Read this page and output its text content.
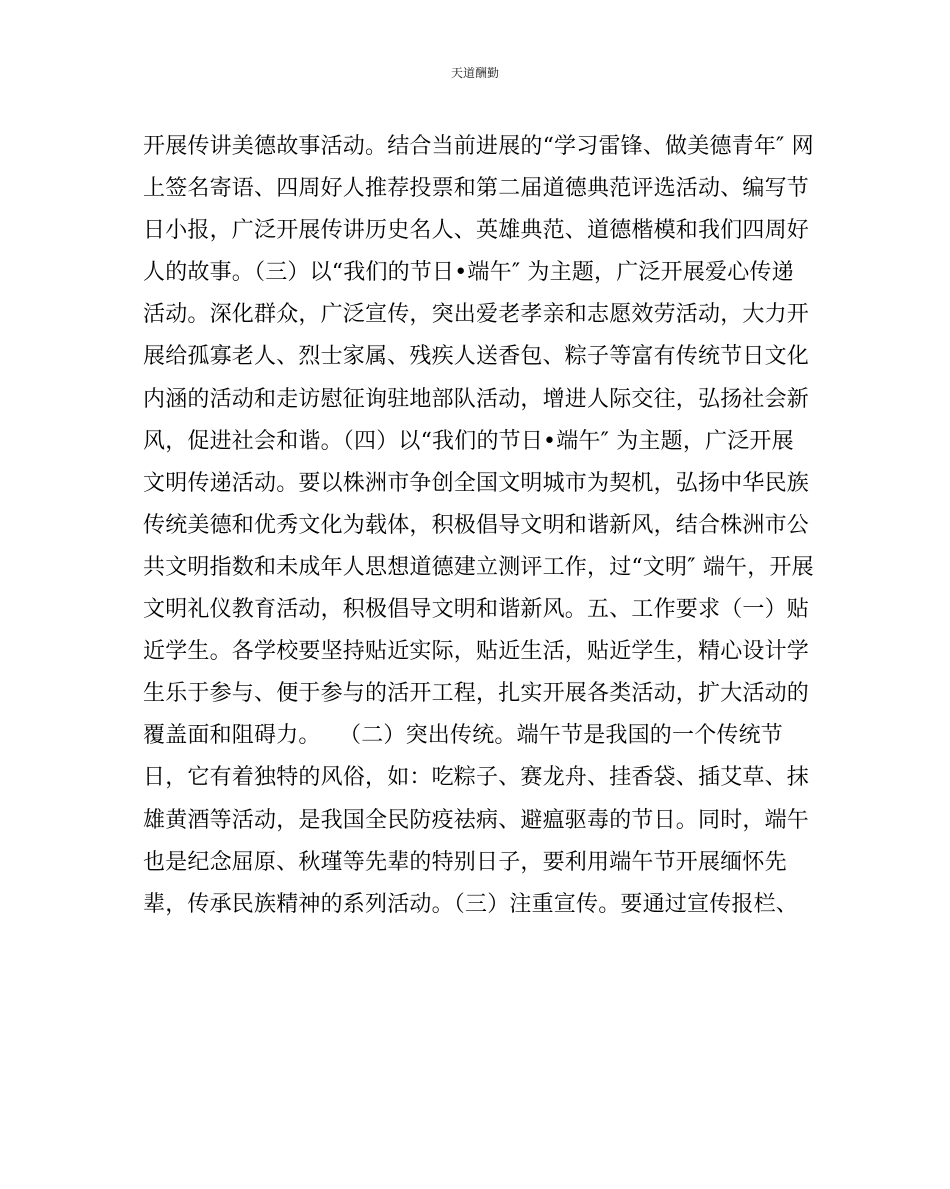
天道酬勤
开展传讲美德故事活动。结合当前进展的“学习雷锋、做美德青年″ 网
上签名寄语、四周好人推荐投票和第二届道德典范评选活动、编写节
日小报，广泛开展传讲历史名人、英雄典范、道德楷模和我们四周好
人的故事。（三）以“我们的节日•端午″ 为主题，广泛开展爱心传递
活动。深化群众，广泛宣传，突出爱老孝亲和志愿效劳活动，大力开
展给孤寡老人、烈士家属、残疾人送香包、粽子等富有传统节日文化
内涵的活动和走访慰征询驻地部队活动，增进人际交往，弘扬社会新
风，促进社会和谐。（四）以“我们的节日•端午″ 为主题，广泛开展
文明传递活动。要以株洲市争创全国文明城市为契机，弘扬中华民族
传统美德和优秀文化为载体，积极倡导文明和谐新风，结合株洲市公
共文明指数和未成年人思想道德建立测评工作，过“文明″ 端午，开展
文明礼仪教育活动，积极倡导文明和谐新风。五、工作要求（一）贴
近学生。各学校要坚持贴近实际，贴近生活，贴近学生，精心设计学
生乐于参与、便于参与的活开工程，扎实开展各类活动，扩大活动的
覆盖面和阻碍力。　 （二）突出传统。端午节是我国的一个传统节
日，它有着独特的风俗，如：吃粽子、赛龙舟、挂香袋、插艾草、抹
雄黄酒等活动，是我国全民防疫祛病、避瘟驱毒的节日。同时，端午
也是纪念屈原、秋瑾等先辈的特别日子，要利用端午节开展缅怀先
辈，传承民族精神的系列活动。（三）注重宣传。要通过宣传报栏、
